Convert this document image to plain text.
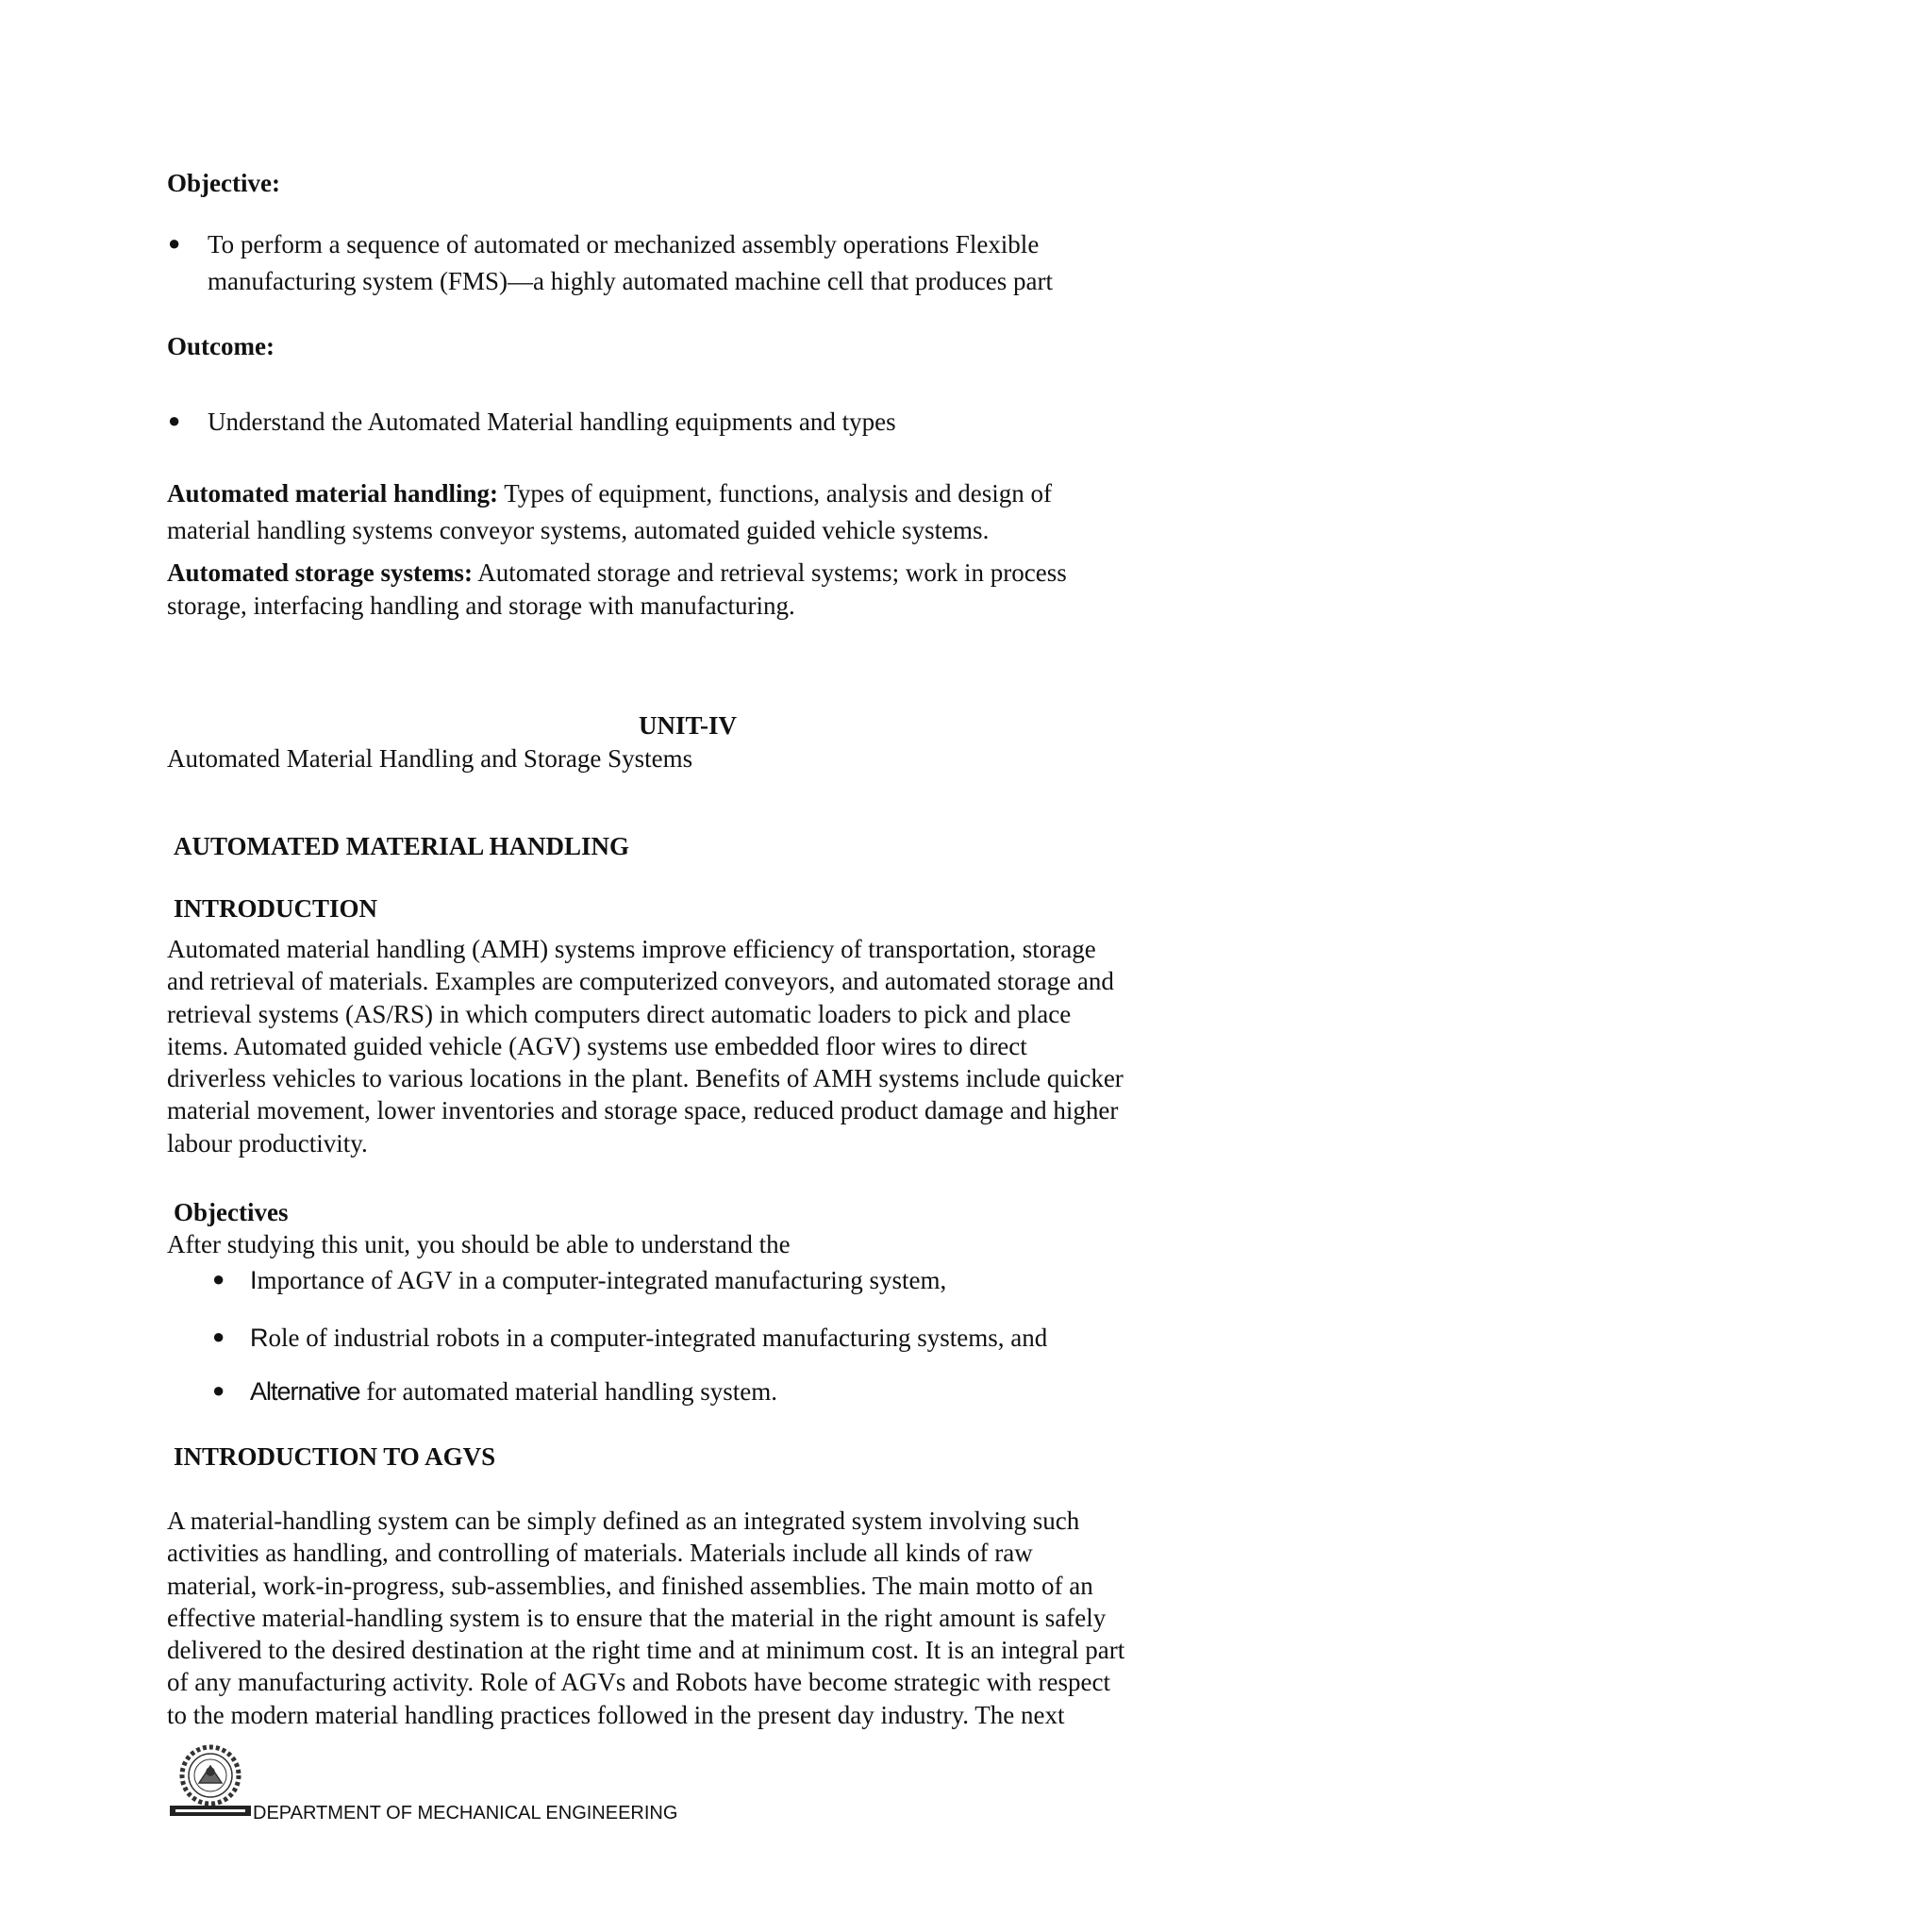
Objective:
● To perform a sequence of automated or mechanized assembly operations Flexible
manufacturing system (FMS)—a highly automated machine cell that produces part
Outcome:
● Understand the Automated Material handling equipments and types
Automated material handling: Types of equipment, functions, analysis and design of
material handling systems conveyor systems, automated guided vehicle systems.
Automated storage systems: Automated storage and retrieval systems; work in process
storage, interfacing handling and storage with manufacturing.
UNIT-IV
Automated Material Handling and Storage Systems
AUTOMATED MATERIAL HANDLING
INTRODUCTION
Automated material handling (AMH) systems improve efficiency of transportation, storage
and retrieval of materials. Examples are computerized conveyors, and automated storage and
retrieval systems (AS/RS) in which computers direct automatic loaders to pick and place
items. Automated guided vehicle (AGV) systems use embedded floor wires to direct
driverless vehicles to various locations in the plant. Benefits of AMH systems include quicker
material movement, lower inventories and storage space, reduced product damage and higher
labour productivity.
Objectives
After studying this unit, you should be able to understand the
● Importance of AGV in a computer-integrated manufacturing system,
● Role of industrial robots in a computer-integrated manufacturing systems, and
● Alternative for automated material handling system.
INTRODUCTION TO AGVS
A material-handling system can be simply defined as an integrated system involving such
activities as handling, and controlling of materials. Materials include all kinds of raw
material, work-in-progress, sub-assemblies, and finished assemblies. The main motto of an
effective material-handling system is to ensure that the material in the right amount is safely
delivered to the desired destination at the right time and at minimum cost. It is an integral part
of any manufacturing activity. Role of AGVs and Robots have become strategic with respect
to the modern material handling practices followed in the present day industry. The next
DEPARTMENT OF MECHANICAL ENGINEERING
